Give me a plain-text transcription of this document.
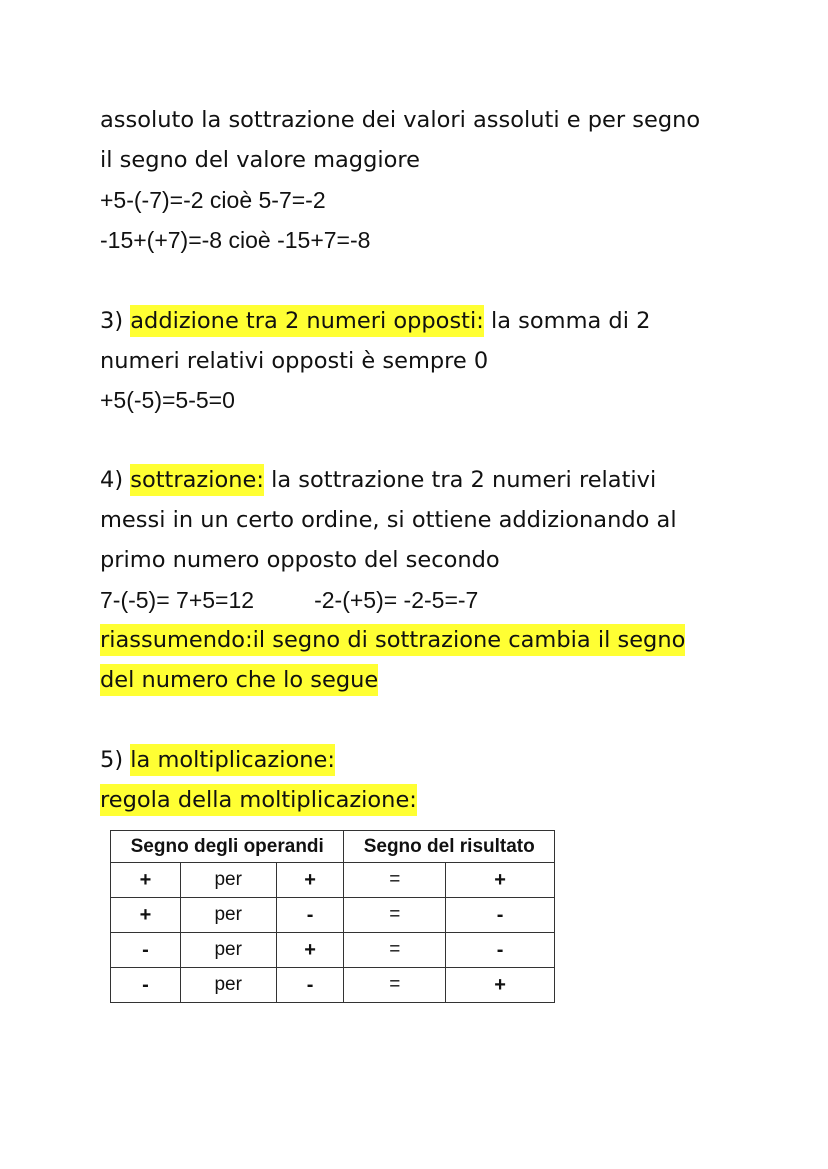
assoluto la sottrazione dei valori assoluti e per segno

il segno del valore maggiore

+5-(-7)=-2 cioè 5-7=-2

-15+(+7)=-8 cioè -15+7=-8

3) addizione tra 2 numeri opposti: la somma di 2

numeri relativi opposti è sempre 0

+5(-5)=5-5=0

4) sottrazione: la sottrazione tra 2 numeri relativi

messi in un certo ordine, si ottiene addizionando al

primo numero opposto del secondo

7-(-5)= 7+5=12	-2-(+5)= -2-5=-7

riassumendo:il segno di sottrazione cambia il segno

del numero che lo segue

5) la moltiplicazione:

regola della moltiplicazione:

Segno degli operandi			Segno del risultato	
+	per	+	=	+
+	per	-	=	-
-	per	+	=	-
-	per	-	=	+
